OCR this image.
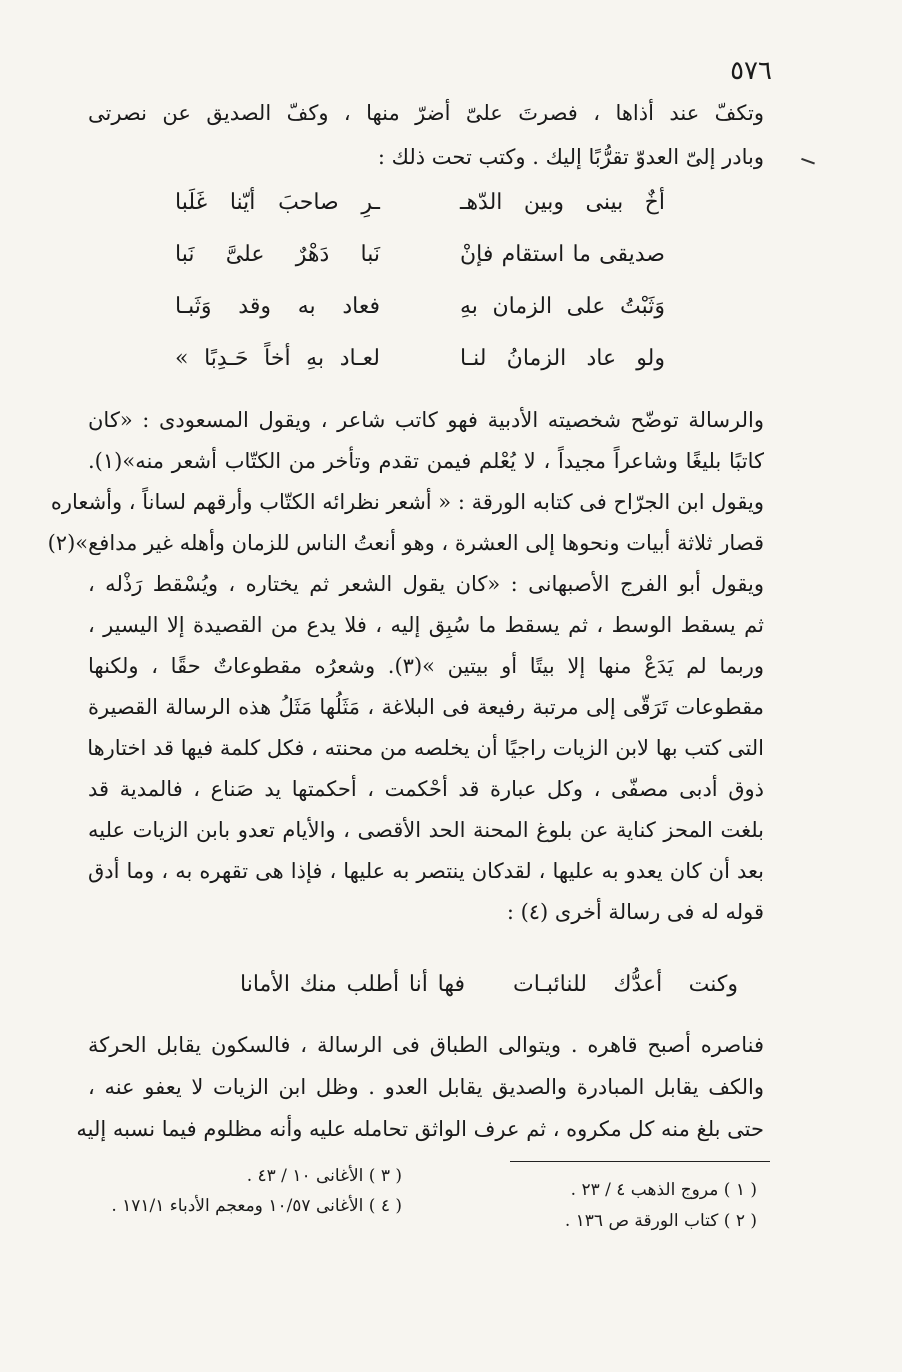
٥٧٦
وتكفّ عند أذاها ، فصرتَ علىّ أضرّ منها ، وكفّ الصديق عن نصرتى
وبادر إلىّ العدوّ تقرُّبًا إليك . وكتب تحت ذلك :
أخٌ بينى وبين الدّهـ
ـرِ صاحبَ أيّنا غَلَبا
صديقى ما استقام فإنْ
نَبا دَهْرٌ علىَّ نَبا
وَثَبْتُ على الزمان بهِ
فعاد به وقد وَثَبـا
ولو عاد الزمانُ لنـا
لعـاد بهِ أخاً حَـدِبًا »
والرسالة توضّح شخصيته الأدبية فهو كاتب شاعر ، ويقول المسعودى : «كان
كاتبًا بليغًا وشاعراً مجيداً ، لا يُعْلم فيمن تقدم وتأخر من الكتّاب أشعر منه»(١).
ويقول ابن الجرّاح فى كتابه الورقة : « أشعر نظرائه الكتّاب وأرقهم لساناً ، وأشعاره
قصار ثلاثة أبيات ونحوها إلى العشرة ، وهو أنعتُ الناس للزمان وأهله غير مدافع»(٢)
ويقول أبو الفرج الأصبهانى : «كان يقول الشعر ثم يختاره ، ويُسْقط رَذْله ،
ثم يسقط الوسط ، ثم يسقط ما سُبِق إليه ، فلا يدع من القصيدة إلا اليسير ،
وربما لم يَدَعْ منها إلا بيتًا أو بيتين »(٣). وشعرُه مقطوعاتٌ حقًا ، ولكنها
مقطوعات تَرَقّى إلى مرتبة رفيعة فى البلاغة ، مَثَلُها مَثَلُ هذه الرسالة القصيرة
التى كتب بها لابن الزيات راجيًا أن يخلصه من محنته ، فكل كلمة فيها قد اختارها
ذوق أدبى مصفّى ، وكل عبارة قد أحْكمت ، أحكمتها يد صَناع ، فالمدية قد
بلغت المحز كناية عن بلوغ المحنة الحد الأقصى ، والأيام تعدو بابن الزيات عليه
بعد أن كان يعدو به عليها ، لقدكان ينتصر به عليها ، فإذا هى تقهره به ، وما أدق
قوله له فى رسالة أخرى (٤) :
وكنت أعدُّك للنائبـات
فها أنا أطلب منك الأمانا
فناصره أصبح قاهره . ويتوالى الطباق فى الرسالة ، فالسكون يقابل الحركة
والكف يقابل المبادرة والصديق يقابل العدو . وظل ابن الزيات لا يعفو عنه ،
حتى بلغ منه كل مكروه ، ثم عرف الواثق تحامله عليه وأنه مظلوم فيما نسبه إليه
( ١ ) مروج الذهب ٤ / ٢٣ .
( ٢ ) كتاب الورقة ص ١٣٦ .
( ٣ ) الأغانى ١٠ / ٤٣ .
( ٤ ) الأغانى ١٠/٥٧ ومعجم الأدباء ١٧١/١ .
